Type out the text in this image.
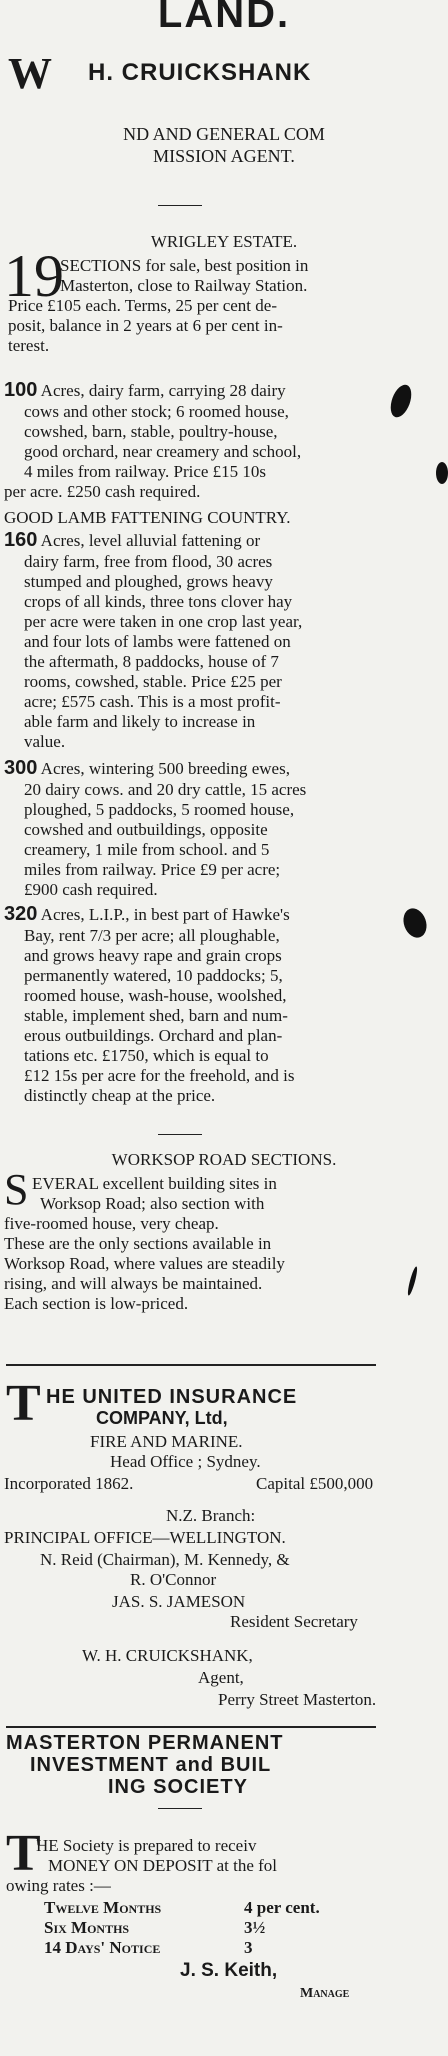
LAND.
W H. CRUICKSHANK
ND AND GENERAL COM
MISSION AGENT.
WRIGLEY ESTATE.
19
SECTIONS for sale, best position in
Masterton, close to Railway Station.
Price £105 each. Terms, 25 per cent de-
posit, balance in 2 years at 6 per cent in-
terest.
100 Acres, dairy farm, carrying 28 dairy
cows and other stock; 6 roomed house,
cowshed, barn, stable, poultry-house,
good orchard, near creamery and school,
4 miles from railway. Price £15 10s
per acre. £250 cash required.
GOOD LAMB FATTENING COUNTRY.
160 Acres, level alluvial fattening or
dairy farm, free from flood, 30 acres
stumped and ploughed, grows heavy
crops of all kinds, three tons clover hay
per acre were taken in one crop last year,
and four lots of lambs were fattened on
the aftermath, 8 paddocks, house of 7
rooms, cowshed, stable. Price £25 per
acre; £575 cash. This is a most profit-
able farm and likely to increase in
value.
300 Acres, wintering 500 breeding ewes,
20 dairy cows. and 20 dry cattle, 15 acres
ploughed, 5 paddocks, 5 roomed house,
cowshed and outbuildings, opposite
creamery, 1 mile from school. and 5
miles from railway. Price £9 per acre;
£900 cash required.
320 Acres, L.I.P., in best part of Hawke's
Bay, rent 7/3 per acre; all ploughable,
and grows heavy rape and grain crops
permanently watered, 10 paddocks; 5,
roomed house, wash-house, woolshed,
stable, implement shed, barn and num-
erous outbuildings. Orchard and plan-
tations etc. £1750, which is equal to
£12 15s per acre for the freehold, and is
distinctly cheap at the price.
WORKSOP ROAD SECTIONS.
S EVERAL excellent building sites in
Worksop Road; also section with
five-roomed house, very cheap.
These are the only sections available in
Worksop Road, where values are steadily
rising, and will always be maintained.
Each section is low-priced.
T HE UNITED INSURANCE
COMPANY, Ltd,
FIRE AND MARINE.
Head Office ; Sydney.
Incorporated 1862.	Capital £500,000
N.Z. Branch:
PRINCIPAL OFFICE—WELLINGTON.
N. Reid (Chairman), M. Kennedy, &
R. O'Connor
JAS. S. JAMESON
Resident Secretary
W. H. CRUICKSHANK,
Agent,
Perry Street Masterton.
MASTERTON PERMANENT
INVESTMENT and BUIL
ING SOCIETY
T
HE Society is prepared to receiv
MONEY ON DEPOSIT at the fol
owing rates :—
Twelve Months	4 per cent.
Six Months	3½
14 Days' Notice	3
J. S. Keith,
Manage
